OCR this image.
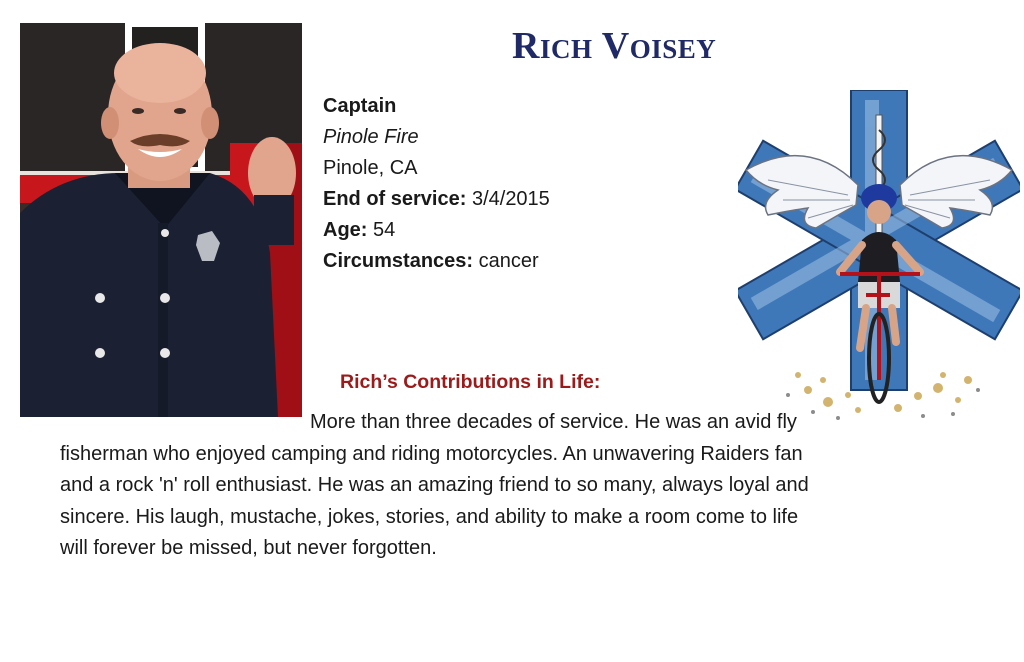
Rich Voisey
Captain
Pinole Fire
Pinole, CA
End of service: 3/4/2015
Age: 54
Circumstances: cancer
Rich’s Contributions in Life:
More than three decades of service. He was an avid fly
fisherman who enjoyed camping and riding motorcycles. An unwavering Raiders fan
and a rock 'n' roll enthusiast. He was an amazing friend to so many, always loyal and
sincere. His laugh, mustache, jokes, stories, and ability to make a room come to life
will forever be missed, but never forgotten.
